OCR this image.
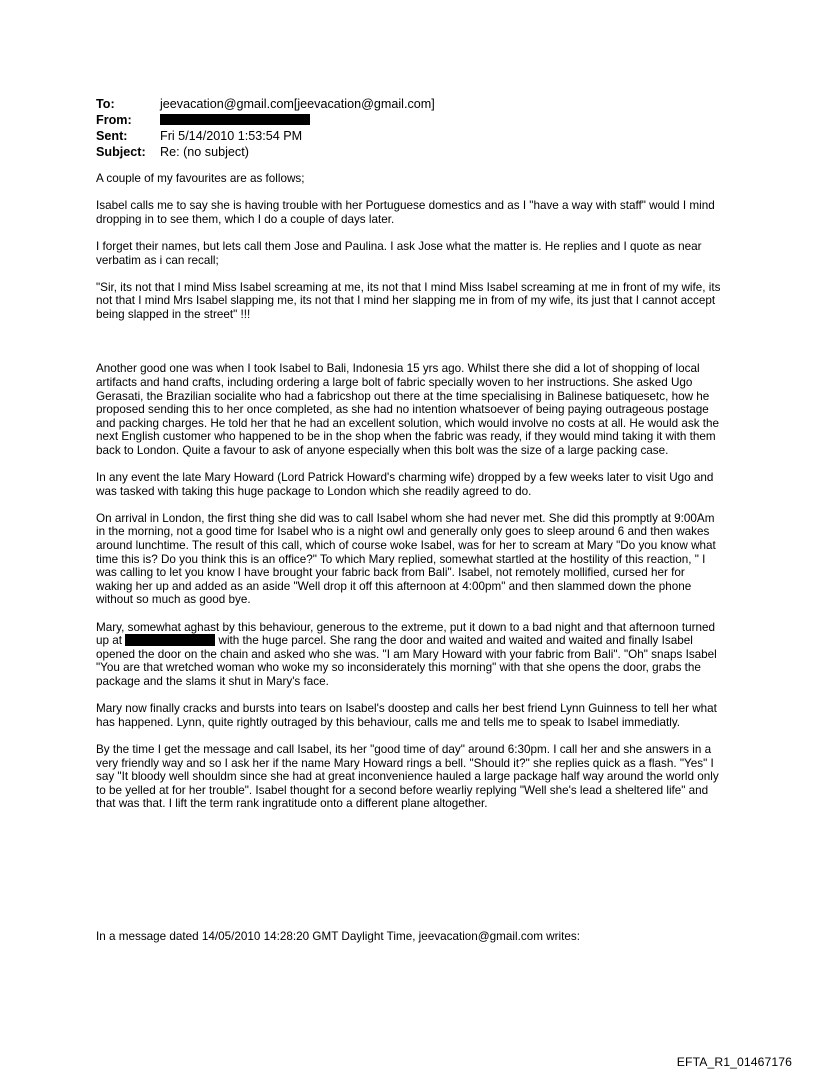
To:	jeevacation@gmail.com[jeevacation@gmail.com]
From:
Sent:	Fri 5/14/2010 1:53:54 PM
Subject:	Re: (no subject)

A couple of my favourites are as follows;

Isabel calls me to say she is having trouble with her Portuguese domestics and as I "have a way with staff" would I mind dropping in to see them, which I do a couple of days later.

I forget their names, but lets call them Jose and Paulina. I ask Jose what the matter is. He replies and I quote as near verbatim as i can recall;

"Sir, its not that I mind Miss Isabel screaming at me, its not that I mind Miss Isabel screaming at me in front of my wife, its not that I mind Mrs Isabel slapping me, its not that I mind her slapping me in from of my wife, its just that I cannot accept being slapped in the street" !!!

Another good one was when I took Isabel to Bali, Indonesia 15 yrs ago. Whilst there she did a lot of shopping of local artifacts and hand crafts, including ordering a large bolt of fabric specially woven to her instructions. She asked Ugo Gerasati, the Brazilian socialite who had a fabricshop out there at the time specialising in Balinese batiquesetc, how he proposed sending this to her once completed, as she had no intention whatsoever of being paying outrageous postage and packing charges. He told her that he had an excellent solution, which would involve no costs at all. He would ask the next English customer who happened to be in the shop when the fabric was ready, if they would mind taking it with them back to London. Quite a favour to ask of anyone especially when this bolt was the size of a large packing case.

In any event the late Mary Howard (Lord Patrick Howard's charming wife) dropped by a few weeks later to visit Ugo and was tasked with taking this huge package to London which she readily agreed to do.

On arrival in London, the first thing she did was to call Isabel whom she had never met. She did this promptly at 9:00Am in the morning, not a good time for Isabel who is a night owl and generally only goes to sleep around 6 and then wakes around lunchtime. The result of this call, which of course woke Isabel, was for her to scream at Mary "Do you know what time this is? Do you think this is an office?" To which Mary replied, somewhat startled at the hostility of this reaction, " I was calling to let you know I have brought your fabric back from Bali". Isabel, not remotely mollified, cursed her for waking her up and added as an aside "Well drop it off this afternoon at 4:00pm" and then slammed down the phone without so much as good bye.

Mary, somewhat aghast by this behaviour, generous to the extreme, put it down to a bad night and that afternoon turned up at	with the huge parcel. She rang the door and waited and waited and waited and finally Isabel opened the door on the chain and asked who she was. "I am Mary Howard with your fabric from Bali". "Oh" snaps Isabel "You are that wretched woman who woke my so inconsiderately this morning" with that she opens the door, grabs the package and the slams it shut in Mary's face.

Mary now finally cracks and bursts into tears on Isabel's doostep and calls her best friend Lynn Guinness to tell her what has happened. Lynn, quite rightly outraged by this behaviour, calls me and tells me to speak to Isabel immediatly.

By the time I get the message and call Isabel, its her "good time of day" around 6:30pm. I call her and she answers in a very friendly way and so I ask her if the name Mary Howard rings a bell. "Should it?" she replies quick as a flash. "Yes" I say "It bloody well shouldm since she had at great inconvenience hauled a large package half way around the world only to be yelled at for her trouble". Isabel thought for a second before wearliy replying "Well she's lead a sheltered life" and that was that. I lift the term rank ingratitude onto a different plane altogether.

In a message dated 14/05/2010 14:28:20 GMT Daylight Time, jeevacation@gmail.com writes:
EFTA_R1_01467176
